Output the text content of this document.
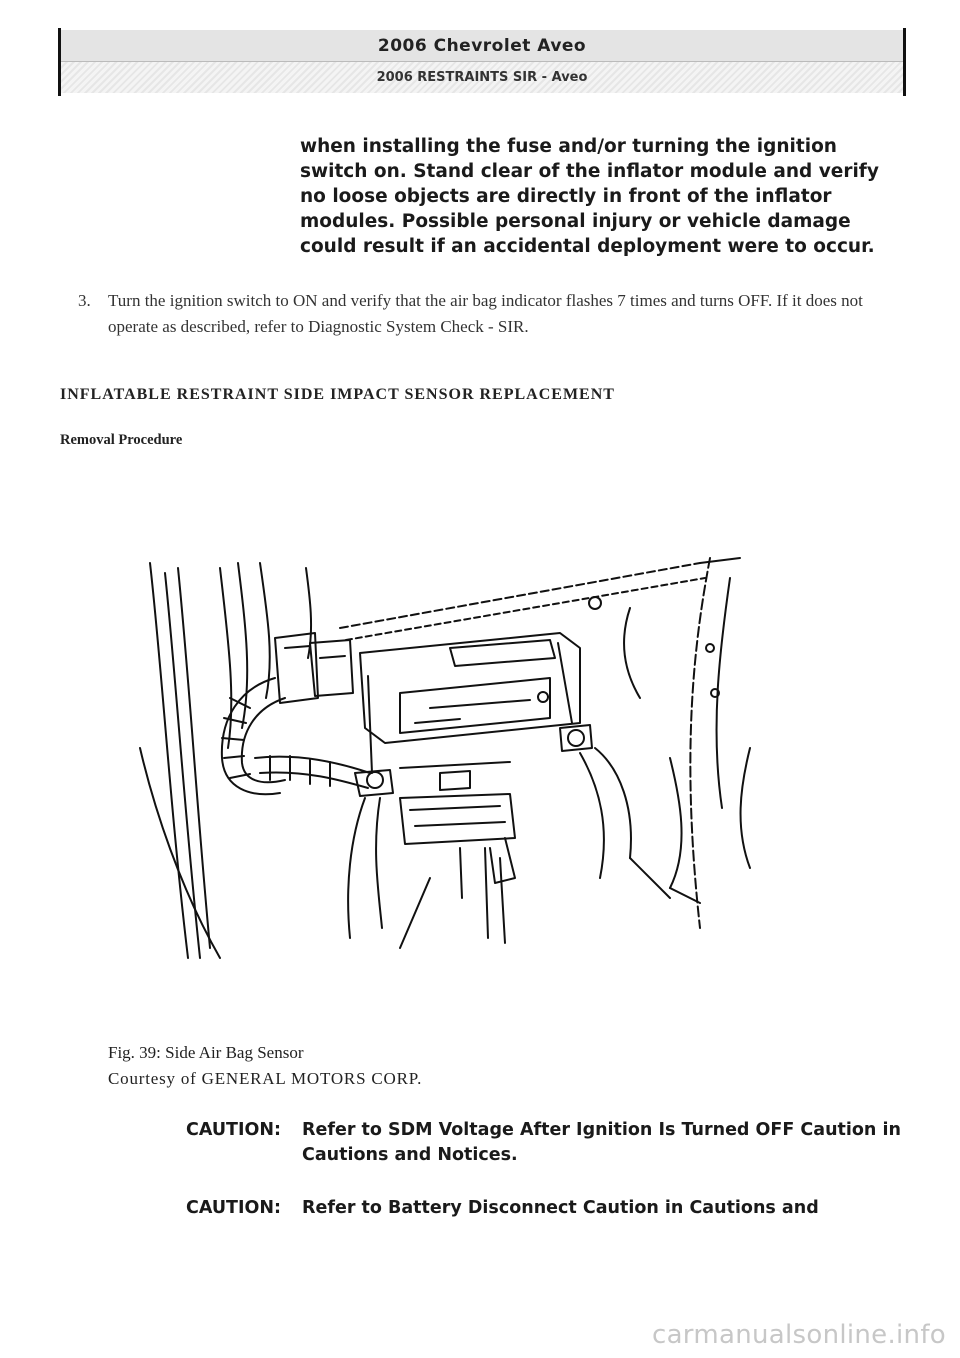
2006 Chevrolet Aveo
2006 RESTRAINTS SIR - Aveo
when installing the fuse and/or turning the ignition switch on. Stand clear of the inflator module and verify no loose objects are directly in front of the inflator modules. Possible personal injury or vehicle damage could result if an accidental deployment were to occur.
3. Turn the ignition switch to ON and verify that the air bag indicator flashes 7 times and turns OFF. If it does not operate as described, refer to Diagnostic System Check - SIR.
INFLATABLE RESTRAINT SIDE IMPACT SENSOR REPLACEMENT
Removal Procedure
Fig. 39: Side Air Bag Sensor
Courtesy of GENERAL MOTORS CORP.
CAUTION: Refer to SDM Voltage After Ignition Is Turned OFF Caution in Cautions and Notices.
CAUTION: Refer to Battery Disconnect Caution in Cautions and
carmanualsonline.info
